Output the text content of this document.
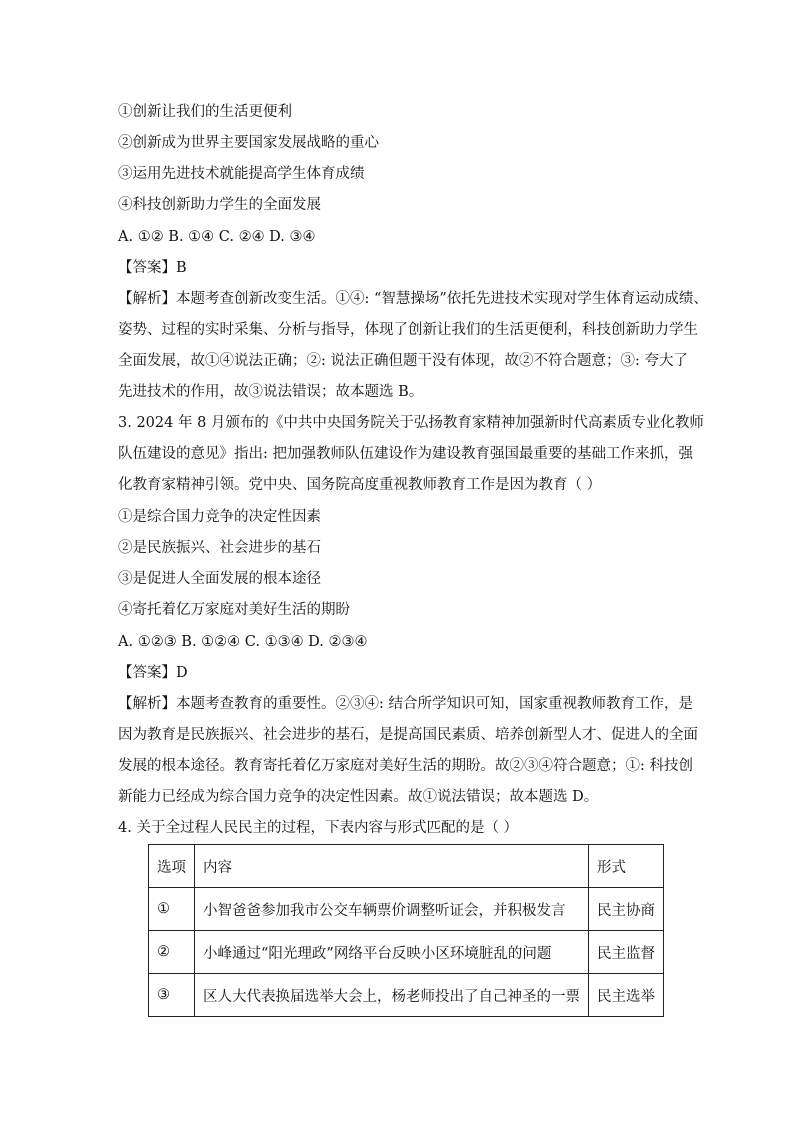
①创新让我们的生活更便利
②创新成为世界主要国家发展战略的重心
③运用先进技术就能提高学生体育成绩
④科技创新助力学生的全面发展
A. ①② B. ①④ C. ②④ D. ③④
【答案】B
【解析】本题考查创新改变生活。①④: “智慧操场”依托先进技术实现对学生体育运动成绩、
姿势、过程的实时采集、分析与指导，体现了创新让我们的生活更便利，科技创新助力学生
全面发展，故①④说法正确；②: 说法正确但题干没有体现，故②不符合题意；③: 夸大了
先进技术的作用，故③说法错误；故本题选 B。
3. 2024 年 8 月颁布的《中共中央国务院关于弘扬教育家精神加强新时代高素质专业化教师
队伍建设的意见》指出: 把加强教师队伍建设作为建设教育强国最重要的基础工作来抓，强
化教育家精神引领。党中央、国务院高度重视教师教育工作是因为教育（ ）
①是综合国力竞争的决定性因素
②是民族振兴、社会进步的基石
③是促进人全面发展的根本途径
④寄托着亿万家庭对美好生活的期盼
A. ①②③ B. ①②④ C. ①③④ D. ②③④
【答案】D
【解析】本题考查教育的重要性。②③④: 结合所学知识可知，国家重视教师教育工作，是
因为教育是民族振兴、社会进步的基石，是提高国民素质、培养创新型人才、促进人的全面
发展的根本途径。教育寄托着亿万家庭对美好生活的期盼。故②③④符合题意；①: 科技创
新能力已经成为综合国力竞争的决定性因素。故①说法错误；故本题选 D。
4. 关于全过程人民民主的过程，下表内容与形式匹配的是（ ）
选项	内容	形式
①	小智爸爸参加我市公交车辆票价调整听证会，并积极发言	民主协商
②	小峰通过“阳光理政”网络平台反映小区环境脏乱的问题	民主监督
③	区人大代表换届选举大会上，杨老师投出了自己神圣的一票	民主选举
